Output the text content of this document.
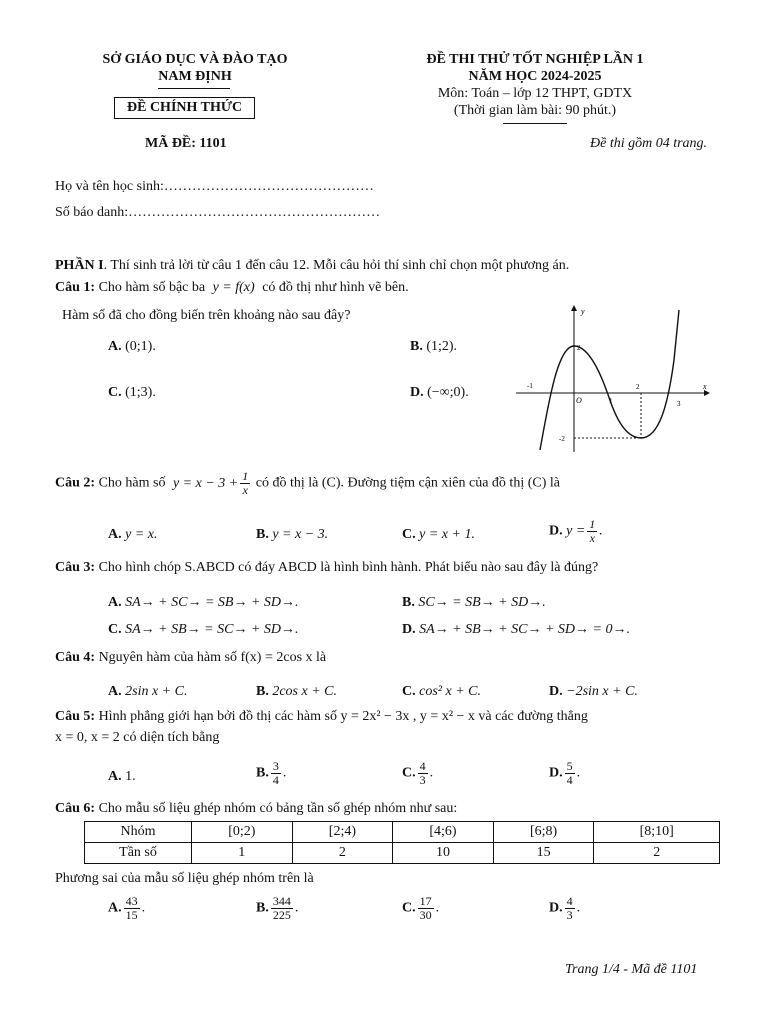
SỞ GIÁO DỤC VÀ ĐÀO TẠO
NAM ĐỊNH
ĐỀ CHÍNH THỨC
MÃ ĐỀ: 1101
ĐỀ THI THỬ TỐT NGHIỆP LẦN 1
NĂM HỌC 2024-2025
Môn: Toán – lớp 12 THPT, GDTX
(Thời gian làm bài: 90 phút.)
Đề thi gồm 04 trang.
Họ và tên học sinh:………………………………………
Số báo danh:………………………………………………
PHẦN I. Thí sinh trả lời từ câu 1 đến câu 12. Mỗi câu hỏi thí sinh chỉ chọn một phương án.
Câu 1: Cho hàm số bậc ba y = f(x) có đồ thị như hình vẽ bên.
Hàm số đã cho đồng biến trên khoảng nào sau đây?
A. (0;1).	B. (1;2).
C. (1;3).	D. (−∞;0).
y
x
O
-1
1
2
3
2
-2
Câu 2: Cho hàm số $y = x - 3 + \frac{1}{x}$ có đồ thị là (C). Đường tiệm cận xiên của đồ thị (C) là
A. y = x.	B. y = x − 3.	C. y = x + 1.	D. $y = \frac{1}{x}$ .
Câu 3: Cho hình chóp S.ABCD có đáy ABCD là hình bình hành. Phát biểu nào sau đây là đúng?
A. SA→ + SC→ = SB→ + SD→.	B. SC→ = SB→ + SD→.
C. SA→ + SB→ = SC→ + SD→.	D. SA→ + SB→ + SC→ + SD→ = 0→.
Câu 4: Nguyên hàm của hàm số f(x) = 2cos x là
A. 2sin x + C.	B. 2cos x + C.	C. cos² x + C.	D. −2sin x + C.
Câu 5: Hình phẳng giới hạn bởi đồ thị các hàm số y = 2x² − 3x , y = x² − x và các đường thẳng
x = 0, x = 2 có diện tích bằng
A. 1.	B. $\frac{3}{4}$ .	C. $\frac{4}{3}$ .	D. $\frac{5}{4}$ .
Câu 6: Cho mẫu số liệu ghép nhóm có bảng tần số ghép nhóm như sau:
Nhóm	[0;2)	[2;4)	[4;6)	[6;8)	[8;10]
Tần số	1	2	10	15	2
Phương sai của mẫu số liệu ghép nhóm trên là
A. $\frac{43}{15}$ .	B. $\frac{344}{225}$ .	C. $\frac{17}{30}$ .	D. $\frac{4}{3}$ .
Trang 1/4 - Mã đề 1101
